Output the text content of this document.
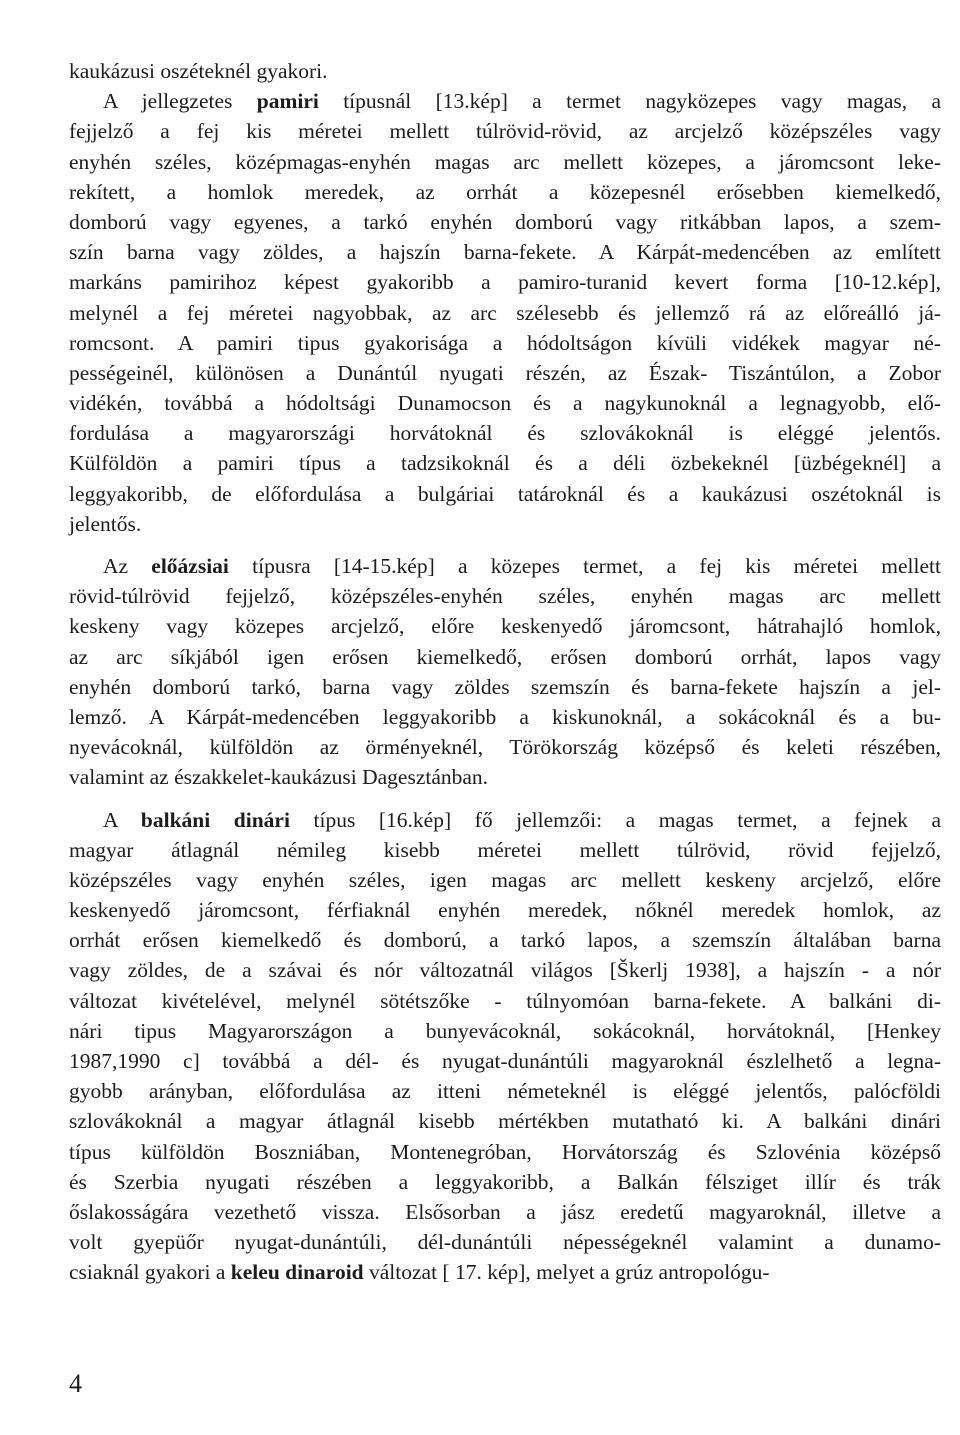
kaukázusi oszéteknél gyakori.
A jellegzetes pamiri típusnál [13.kép] a termet nagyközepes vagy magas, a
fejjelző a fej kis méretei mellett túlrövid-rövid, az arcjelző középszéles vagy
enyhén széles, középmagas-enyhén magas arc mellett közepes, a járomcsont leke-
rekített, a homlok meredek, az orrhát a közepesnél erősebben kiemelkedő,
domború vagy egyenes, a tarkó enyhén domború vagy ritkábban lapos, a szem-
szín barna vagy zöldes, a hajszín barna-fekete. A Kárpát-medencében az említett
markáns pamirihoz képest gyakoribb a pamiro-turanid kevert forma [10-12.kép],
melynél a fej méretei nagyobbak, az arc szélesebb és jellemző rá az előreálló já-
romcsont. A pamiri tipus gyakorisága a hódoltságon kívüli vidékek magyar né-
pességeinél, különösen a Dunántúl nyugati részén, az Észak- Tiszántúlon, a Zobor
vidékén, továbbá a hódoltsági Dunamocson és a nagykunoknál a legnagyobb, elő-
fordulása a magyarországi horvátoknál és szlovákoknál is eléggé jelentős.
Külföldön a pamiri típus a tadzsikoknál és a déli özbekeknél [üzbégeknél] a
leggyakoribb, de előfordulása a bulgáriai tatároknál és a kaukázusi oszétoknál is
jelentős.
Az előázsiai típusra [14-15.kép] a közepes termet, a fej kis méretei mellett
rövid-túlrövid fejjelző, középszéles-enyhén széles, enyhén magas arc mellett
keskeny vagy közepes arcjelző, előre keskenyedő járomcsont, hátrahajló homlok,
az arc síkjából igen erősen kiemelkedő, erősen domború orrhát, lapos vagy
enyhén domború tarkó, barna vagy zöldes szemszín és barna-fekete hajszín a jel-
lemző. A Kárpát-medencében leggyakoribb a kiskunoknál, a sokácoknál és a bu-
nyevácoknál, külföldön az örményeknél, Törökország középső és keleti részében,
valamint az északkelet-kaukázusi Dagesztánban.
A balkáni dinári típus [16.kép] fő jellemzői: a magas termet, a fejnek a
magyar átlagnál némileg kisebb méretei mellett túlrövid, rövid fejjelző,
középszéles vagy enyhén széles, igen magas arc mellett keskeny arcjelző, előre
keskenyedő járomcsont, férfiaknál enyhén meredek, nőknél meredek homlok, az
orrhát erősen kiemelkedő és domború, a tarkó lapos, a szemszín általában barna
vagy zöldes, de a szávai és nór változatnál világos [Škerlj 1938], a hajszín - a nór
változat kivételével, melynél sötétszőke - túlnyomóan barna-fekete. A balkáni di-
nári tipus Magyarországon a bunyevácoknál, sokácoknál, horvátoknál, [Henkey
1987,1990 c] továbbá a dél- és nyugat-dunántúli magyaroknál észlelhető a legna-
gyobb arányban, előfordulása az itteni németeknél is eléggé jelentős, palócföldi
szlovákoknál a magyar átlagnál kisebb mértékben mutatható ki. A balkáni dinári
típus külföldön Boszniában, Montenegróban, Horvátország és Szlovénia középső
és Szerbia nyugati részében a leggyakoribb, a Balkán félsziget illír és trák
őslakosságára vezethető vissza. Elsősorban a jász eredetű magyaroknál, illetve a
volt gyepüőr nyugat-dunántúli, dél-dunántúli népességeknél valamint a dunamo-
csiaknál gyakori a keleu dinaroid változat [ 17. kép], melyet a grúz antropológu-
4
